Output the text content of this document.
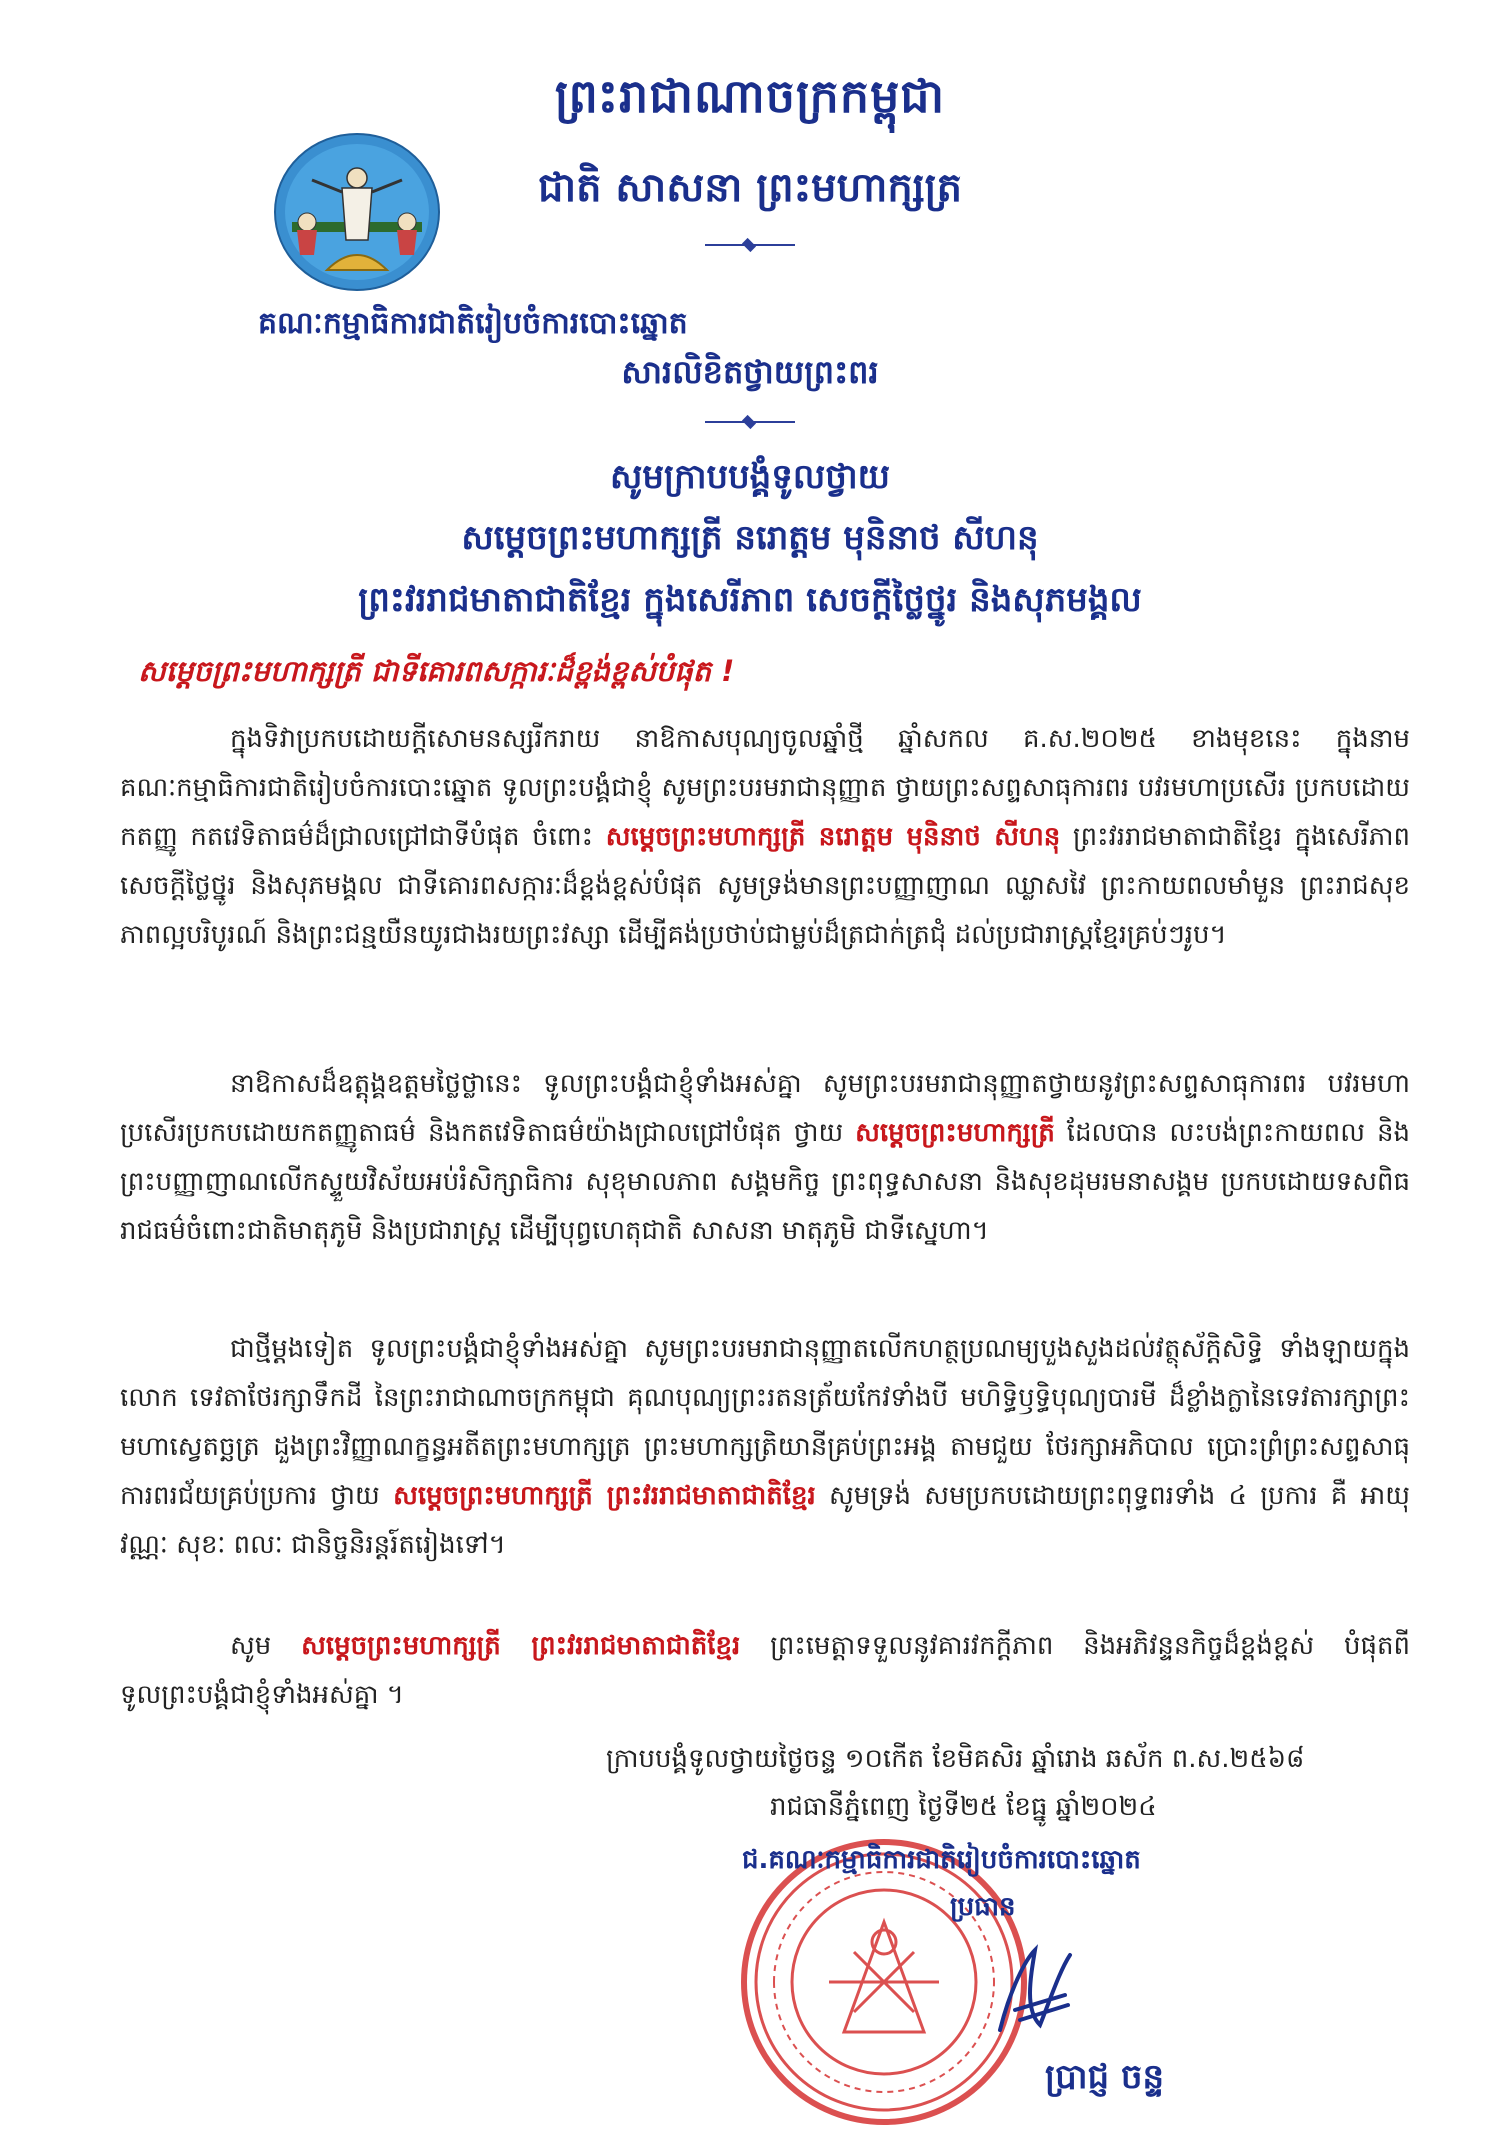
ព្រះរាជាណាចក្រកម្ពុជា
ជាតិ សាសនា ព្រះមហាក្សត្រ
គណៈកម្មាធិការជាតិរៀបចំការបោះឆ្នោត
សារលិខិតថ្វាយព្រះពរ
សូមក្រាបបង្គំទូលថ្វាយ
សម្តេចព្រះមហាក្សត្រី នរោត្តម មុនិនាថ សីហនុ
ព្រះវររាជមាតាជាតិខ្មែរ ក្នុងសេរីភាព សេចក្តីថ្លៃថ្នូរ និងសុភមង្គល
សម្តេចព្រះមហាក្សត្រី ជាទីគោរពសក្ការៈដ៏ខ្ពង់ខ្ពស់បំផុត !
ក្នុងទិវាប្រកបដោយក្តីសោមនស្សរីករាយ នាឱកាសបុណ្យចូលឆ្នាំថ្មី ឆ្នាំសកល គ.ស.២០២៥ ខាងមុខនេះ ក្នុងនាម គណៈកម្មាធិការជាតិរៀបចំការបោះឆ្នោត ទូលព្រះបង្គំជាខ្ញុំ សូមព្រះបរមរាជានុញ្ញាត ថ្វាយព្រះសព្ទសាធុការពរ បវរមហាប្រសើរ ប្រកបដោយកតញ្ញូ កតវេទិតាធម៌ដ៏ជ្រាលជ្រៅជាទីបំផុត ចំពោះ សម្តេចព្រះមហាក្សត្រី នរោត្តម មុនិនាថ សីហនុ ព្រះវររាជមាតាជាតិខ្មែរ ក្នុងសេរីភាព សេចក្តីថ្លៃថ្នូរ និងសុភមង្គល ជាទីគោរពសក្ការៈដ៏ខ្ពង់ខ្ពស់បំផុត សូមទ្រង់មានព្រះបញ្ញាញាណ ឈ្លាសវៃ ព្រះកាយពលមាំមួន ព្រះរាជសុខភាពល្អបរិបូរណ៍ និងព្រះជន្មយឺនយូរជាងរយព្រះវស្សា ដើម្បីគង់ប្រថាប់ជាម្លប់ដ៏ត្រជាក់ត្រជុំ ដល់ប្រជារាស្ត្រខ្មែរគ្រប់ៗរូប។
នាឱកាសដ៏ឧត្តុង្គឧត្តមថ្លៃថ្លានេះ ទូលព្រះបង្គំជាខ្ញុំទាំងអស់គ្នា សូមព្រះបរមរាជានុញ្ញាតថ្វាយនូវព្រះសព្ទសាធុការពរ បវរមហាប្រសើរប្រកបដោយកតញ្ញូតាធម៌ និងកតវេទិតាធម៌យ៉ាងជ្រាលជ្រៅបំផុត ថ្វាយ សម្តេចព្រះមហាក្សត្រី ដែលបាន លះបង់ព្រះកាយពល និងព្រះបញ្ញាញាណលើកស្ទួយវិស័យអប់រំសិក្សាធិការ សុខុមាលភាព សង្គមកិច្ច ព្រះពុទ្ធសាសនា និងសុខដុមរមនាសង្គម ប្រកបដោយទសពិធរាជធម៌ចំពោះជាតិមាតុភូមិ និងប្រជារាស្ត្រ ដើម្បីបុព្វហេតុជាតិ សាសនា មាតុភូមិ ជាទីស្នេហា។
ជាថ្មីម្តងទៀត ទូលព្រះបង្គំជាខ្ញុំទាំងអស់គ្នា សូមព្រះបរមរាជានុញ្ញាតលើកហត្ថប្រណម្យបួងសួងដល់វត្ថុស័ក្តិសិទ្ធិ ទាំងឡាយក្នុងលោក ទេវតាថែរក្សាទឹកដី នៃព្រះរាជាណាចក្រកម្ពុជា គុណបុណ្យព្រះរតនត្រ័យកែវទាំងបី មហិទ្ធិឫទ្ធិបុណ្យបារមី ដ៏ខ្លាំងក្លានៃទេវតារក្សាព្រះមហាស្វេតច្ឆត្រ ដួងព្រះវិញ្ញាណក្ខន្ធអតីតព្រះមហាក្សត្រ ព្រះមហាក្សត្រិយានីគ្រប់ព្រះអង្គ តាមជួយ ថែរក្សាអភិបាល ប្រោះព្រំព្រះសព្ទសាធុការពរជ័យគ្រប់ប្រការ ថ្វាយ សម្តេចព្រះមហាក្សត្រី ព្រះវររាជមាតាជាតិខ្មែរ សូមទ្រង់ សមប្រកបដោយព្រះពុទ្ធពរទាំង ៤ ប្រការ គឺ អាយុ វណ្ណៈ សុខៈ ពលៈ ជានិច្ចនិរន្តរ៍តរៀងទៅ។
សូម សម្តេចព្រះមហាក្សត្រី ព្រះវររាជមាតាជាតិខ្មែរ ព្រះមេត្តាទទួលនូវគារវកក្តីភាព និងអភិវន្ទនកិច្ចដ៏ខ្ពង់ខ្ពស់ បំផុតពីទូលព្រះបង្គំជាខ្ញុំទាំងអស់គ្នា ។
ក្រាបបង្គំទូលថ្វាយថ្ងៃចន្ទ ១០កើត ខែមិគសិរ ឆ្នាំរោង ឆស័ក ព.ស.២៥៦៨
រាជធានីភ្នំពេញ ថ្ងៃទី២៥ ខែធ្នូ ឆ្នាំ២០២៤
ជ.គណៈកម្មាធិការជាតិរៀបចំការបោះឆ្នោត
ប្រធាន
ប្រាជ្ញ ចន្ទ
